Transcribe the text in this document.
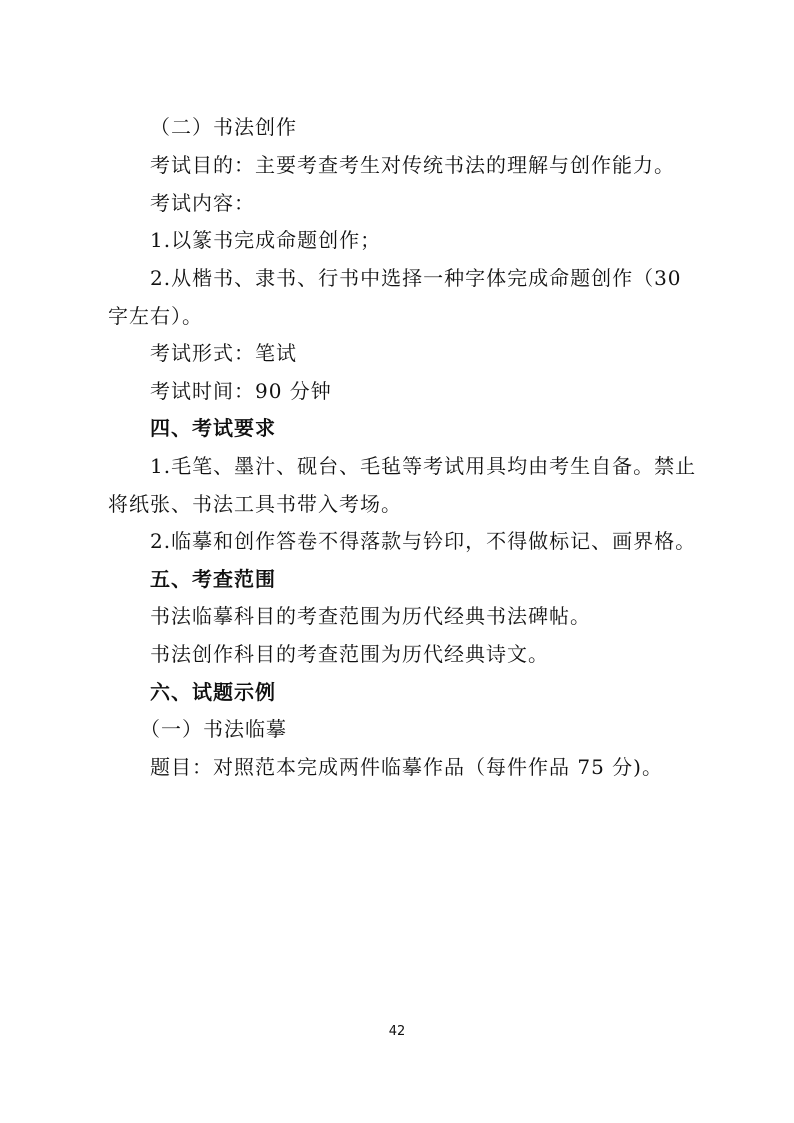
（二）书法创作

考试目的：主要考查考生对传统书法的理解与创作能力。

考试内容：

1.以篆书完成命题创作；

2.从楷书、隶书、行书中选择一种字体完成命题创作（30

字左右）。

考试形式：笔试

考试时间：90 分钟

四、考试要求

1.毛笔、墨汁、砚台、毛毡等考试用具均由考生自备。禁止

将纸张、书法工具书带入考场。

2.临摹和创作答卷不得落款与钤印，不得做标记、画界格。

五、考查范围

书法临摹科目的考查范围为历代经典书法碑帖。

书法创作科目的考查范围为历代经典诗文。

六、试题示例

（一）书法临摹

题目：对照范本完成两件临摹作品（每件作品 75 分)。

42
